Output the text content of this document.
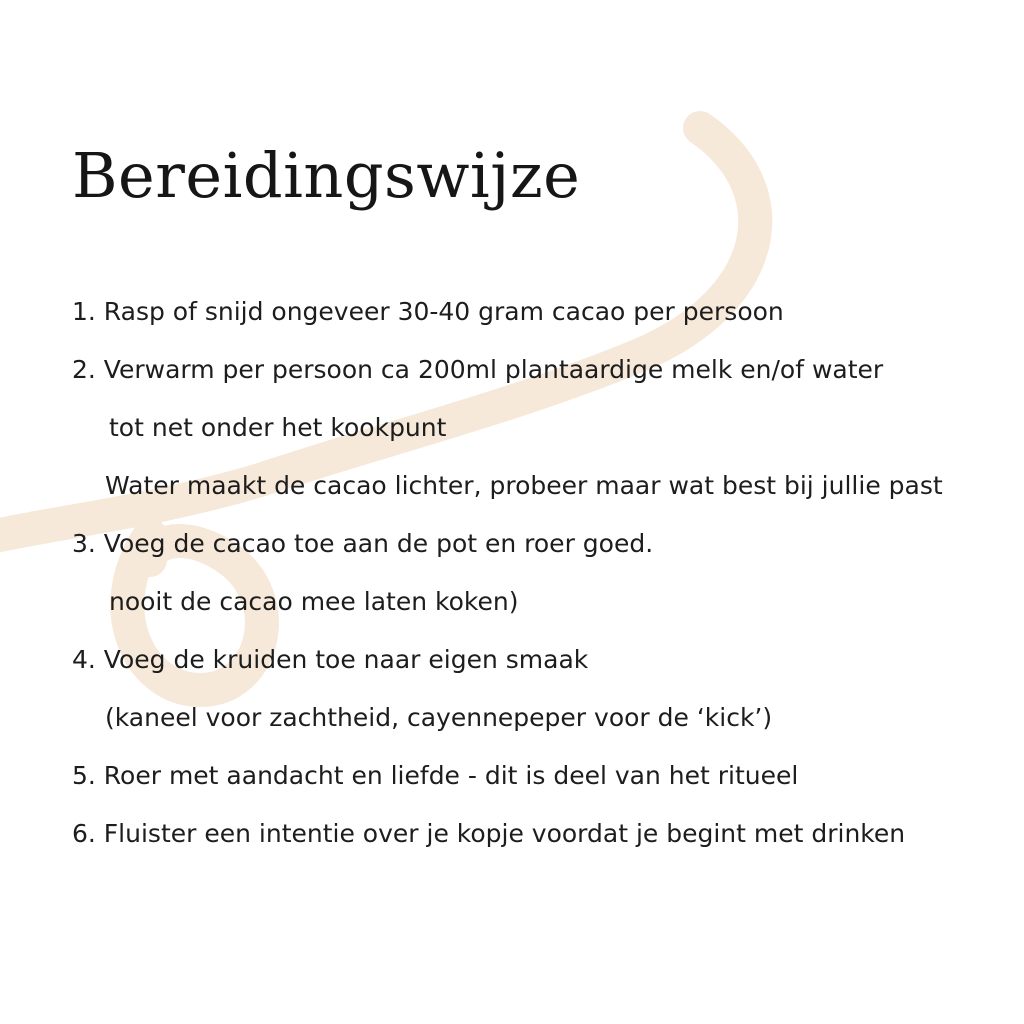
Bereidingswijze
1. Rasp of snijd ongeveer 30-40 gram cacao per persoon
2. Verwarm per persoon ca 200ml plantaardige melk en/of water
tot net onder het kookpunt
Water maakt de cacao lichter, probeer maar wat best bij jullie past
3. Voeg de cacao toe aan de pot en roer goed.
nooit de cacao mee laten koken)
4. Voeg de kruiden toe naar eigen smaak
(kaneel voor zachtheid, cayennepeper voor de ‘kick’)
5. Roer met aandacht en liefde - dit is deel van het ritueel
6. Fluister een intentie over je kopje voordat je begint met drinken
